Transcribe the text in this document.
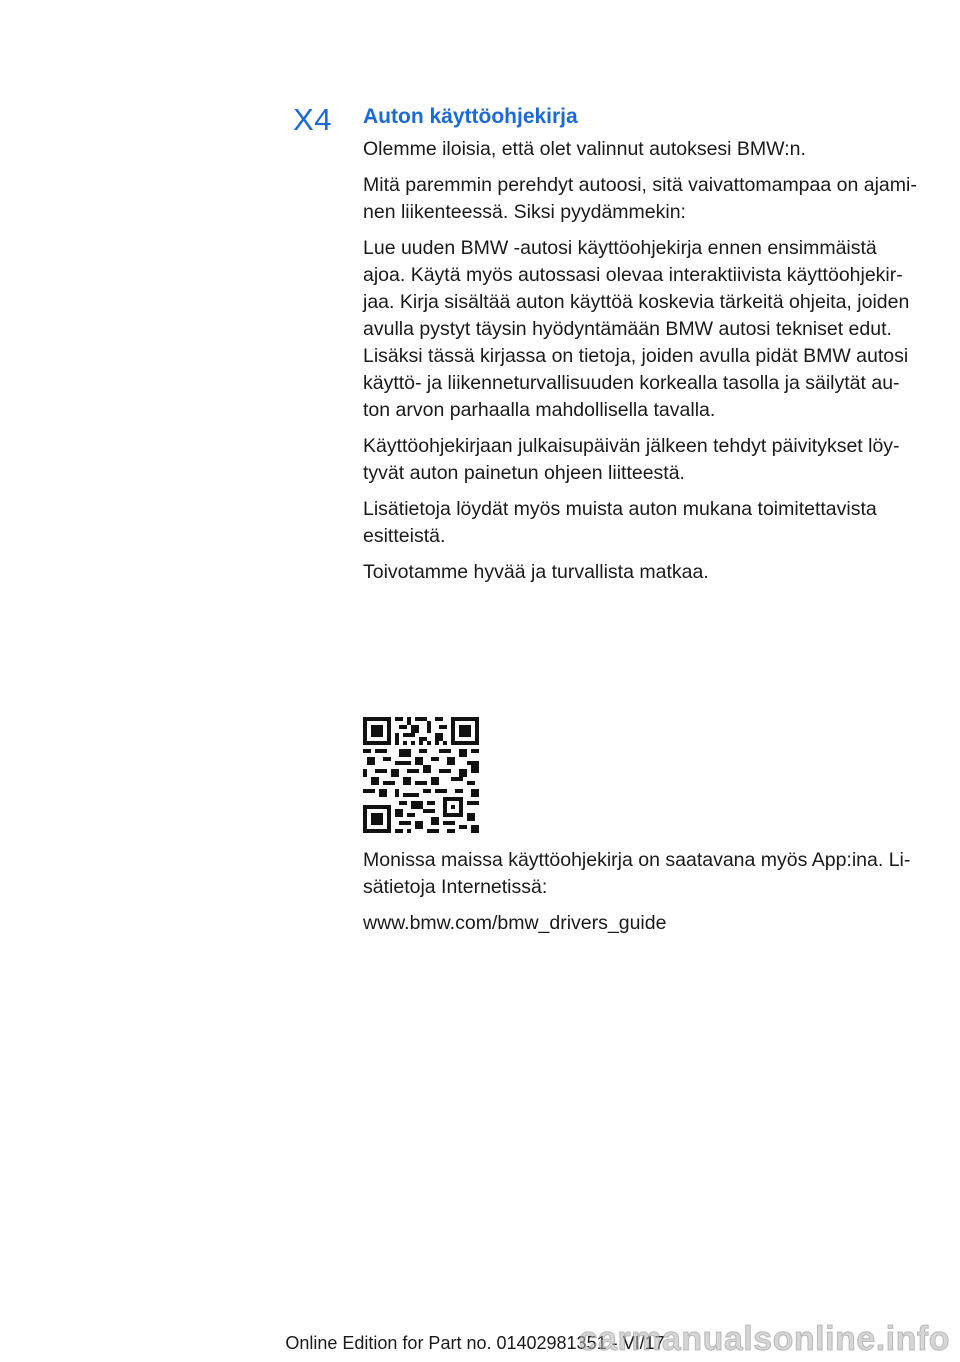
X4 Auton käyttöohjekirja

Olemme iloisia, että olet valinnut autoksesi BMW:n.

Mitä paremmin perehdyt autoosi, sitä vaivattomampaa on ajami‐
nen liikenteessä. Siksi pyydämmekin:

Lue uuden BMW -autosi käyttöohjekirja ennen ensimmäistä
ajoa. Käytä myös autossasi olevaa interaktiivista käyttöohjekir‐
jaa. Kirja sisältää auton käyttöä koskevia tärkeitä ohjeita, joiden
avulla pystyt täysin hyödyntämään BMW autosi tekniset edut.
Lisäksi tässä kirjassa on tietoja, joiden avulla pidät BMW autosi
käyttö- ja liikenneturvallisuuden korkealla tasolla ja säilytät au‐
ton arvon parhaalla mahdollisella tavalla.

Käyttöohjekirjaan julkaisupäivän jälkeen tehdyt päivitykset löy‐
tyvät auton painetun ohjeen liitteestä.

Lisätietoja löydät myös muista auton mukana toimitettavista
esitteistä.

Toivotamme hyvää ja turvallista matkaa.

Monissa maissa käyttöohjekirja on saatavana myös App:ina. Li‐
sätietoja Internetissä:

www.bmw.com/bmw_drivers_guide

Online Edition for Part no. 01402981351 - VI/17
carmanualsonline.info
